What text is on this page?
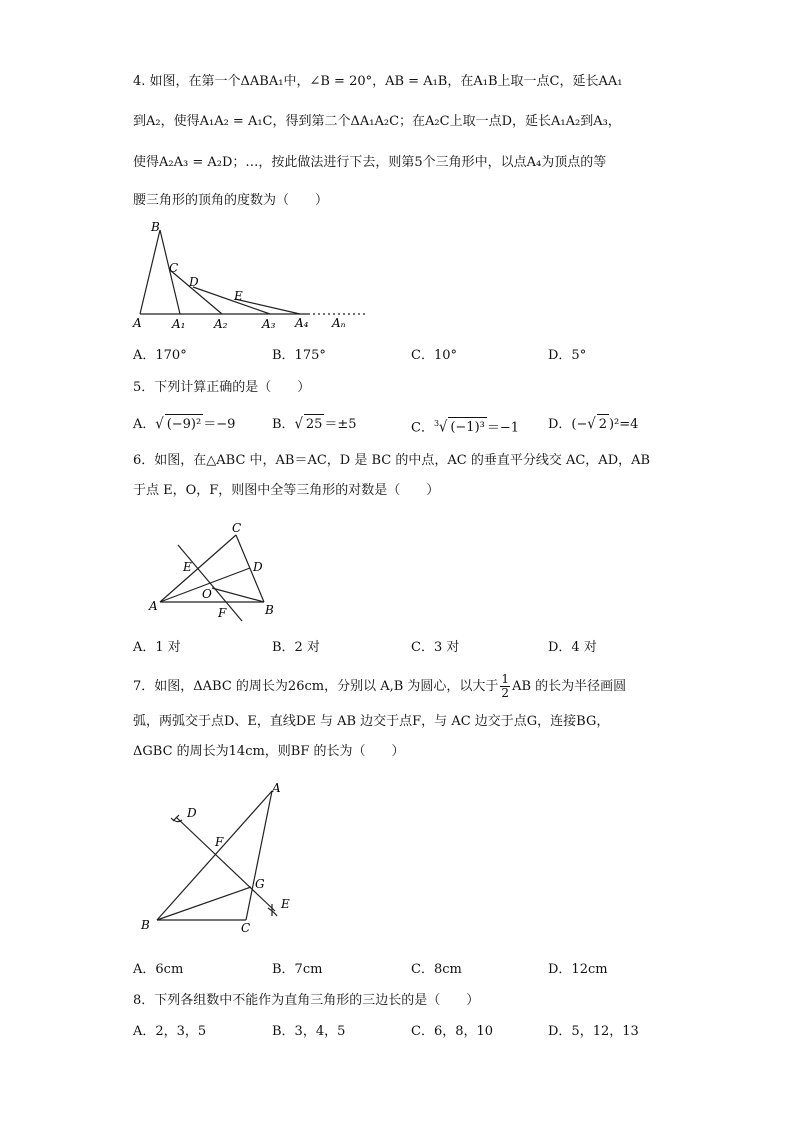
4. 如图，在第一个ΔABA₁中，∠B = 20°，AB = A₁B，在A₁B上取一点C，延长AA₁
到A₂，使得A₁A₂ = A₁C，得到第二个ΔA₁A₂C；在A₂C上取一点D，延长A₁A₂到A₃，
使得A₂A₃ = A₂D；…，按此做法进行下去，则第5个三角形中，以点A₄为顶点的等
腰三角形的顶角的度数为（　　）
B
C
D
E
A	A₁ A₂	A₃ A₄ Aₙ
A．170°	B．175°	C．10°	D．5°
5．下列计算正确的是（　　）
A．√ (−9)² ＝−9	B．√ 25 ＝±5	C．$^3$√ (−1)³ ＝−1 D．(−√ 2 )²=4
6．如图，在△ABC 中，AB＝AC，D 是 BC 的中点，AC 的垂直平分线交 AC，AD，AB
于点 E，O，F，则图中全等三角形的对数是（　　）
C
E	D
A
O
F	B
A．1 对	B．2 对	C．3 对	D．4 对
7．如图，ΔABC 的周长为26cm，分别以 A,B 为圆心，以大于 $\frac{1}{2}$ AB 的长为半径画圆
弧，两弧交于点D、E，直线DE 与 AB 边交于点F，与 AC 边交于点G，连接BG，
ΔGBC 的周长为14cm，则BF 的长为（　　）
A
D
F
G
E
B	C
A．6cm	B．7cm	C．8cm	D．12cm
8．下列各组数中不能作为直角三角形的三边长的是（　　）
A．2，3，5	B．3，4，5	C．6，8，10	D．5，12，13
